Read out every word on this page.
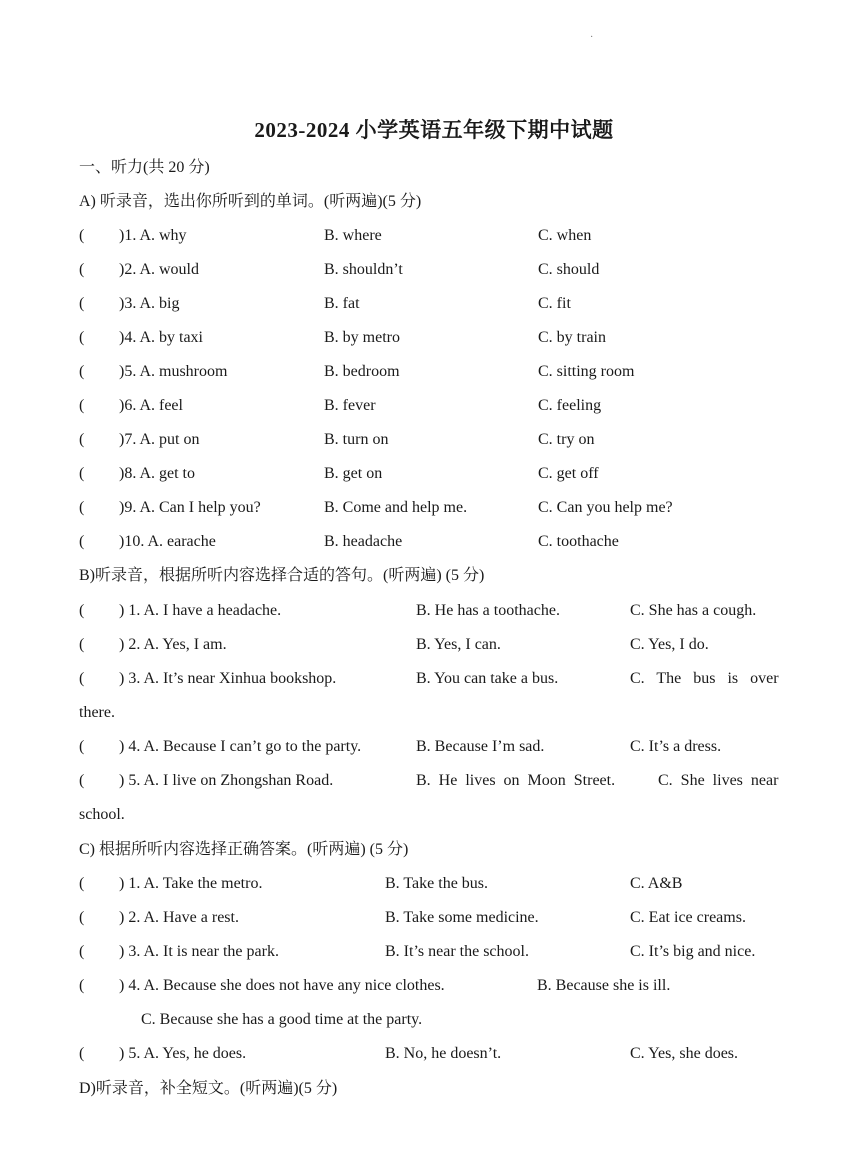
·
2023-2024 小学英语五年级下期中试题
一、听力(共 20 分)
A) 听录音，选出你所听到的单词。(听两遍)(5 分)
( )1. A. why	B. where	C. when
( )2. A. would	B. shouldn’t	C. should
( )3. A. big	B. fat	C. fit
( )4. A. by taxi	B. by metro	C. by train
( )5. A. mushroom	B. bedroom	C. sitting room
( )6. A. feel	B. fever	C. feeling
( )7. A. put on	B. turn on	C. try on
( )8. A. get to	B. get on	C. get off
( )9. A. Can I help you?	B. Come and help me.	C. Can you help me?
( )10. A. earache	B. headache	C. toothache
B)听录音，根据所听内容选择合适的答句。(听两遍) (5 分)
( ) 1. A. I have a headache.	B. He has a toothache.	C. She has a cough.
( ) 2. A. Yes, I am.	B. Yes, I can.	C. Yes, I do.
( ) 3. A. It’s near Xinhua bookshop.	B. You can take a bus.	C.   The   bus   is   over
there.
( ) 4. A. Because I can’t go to the party.	B. Because I’m sad.	C. It’s a dress.
( ) 5. A. I live on Zhongshan Road.	B.  He  lives  on  Moon  Street.	C.  She  lives  near
school.
C) 根据所听内容选择正确答案。(听两遍) (5 分)
( ) 1. A. Take the metro.	B. Take the bus.	C. A&B
( ) 2. A. Have a rest.	B. Take some medicine.	C. Eat ice creams.
( ) 3. A. It is near the park.	B. It’s near the school.	C. It’s big and nice.
( ) 4. A. Because she does not have any nice clothes.	B. Because she is ill.
C. Because she has a good time at the party.
( ) 5. A. Yes, he does.	B. No, he doesn’t.	C. Yes, she does.
D)听录音，补全短文。(听两遍)(5 分)
